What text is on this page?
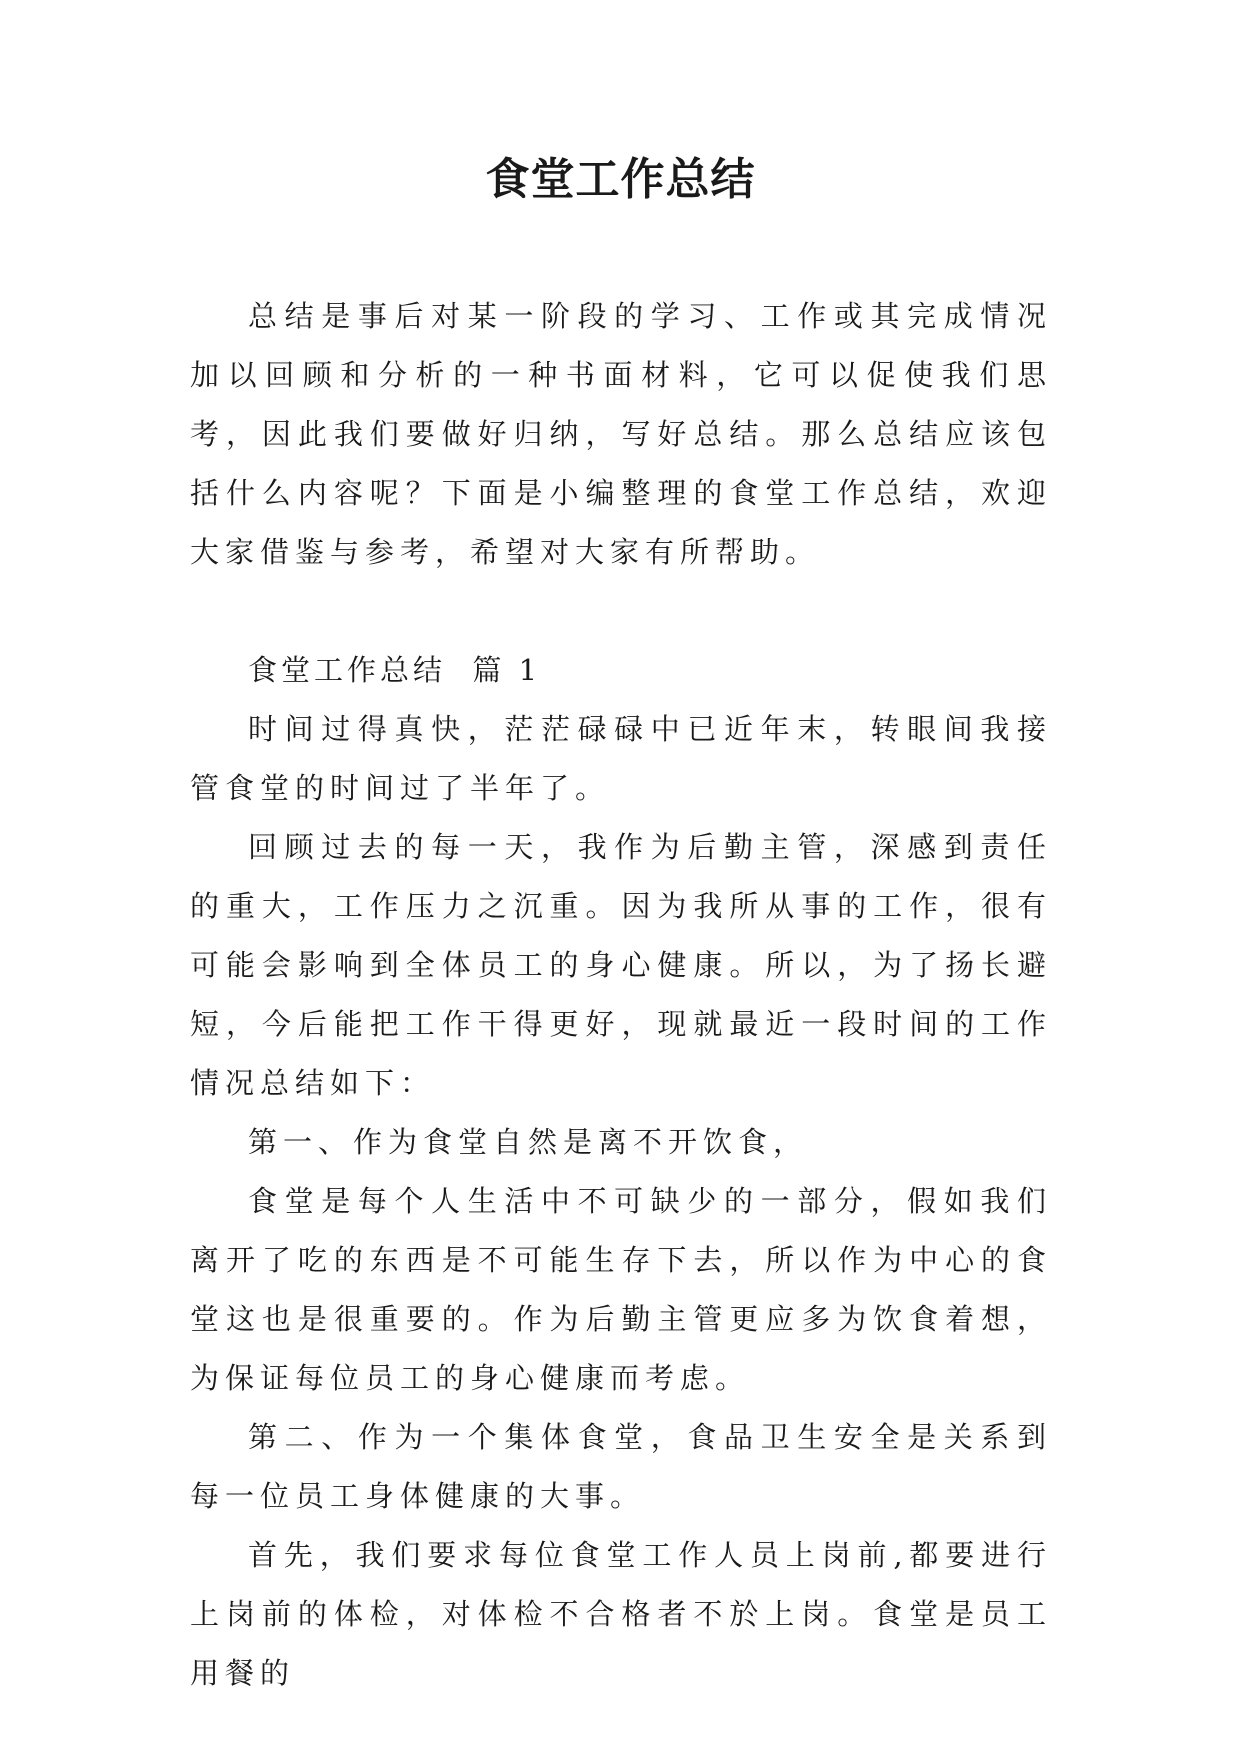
食堂工作总结

总结是事后对某一阶段的学习、工作或其完成情况加以回顾和分析的一种书面材料，它可以促使我们思考，因此我们要做好归纳，写好总结。那么总结应该包括什么内容呢？下面是小编整理的食堂工作总结，欢迎大家借鉴与参考，希望对大家有所帮助。

食堂工作总结  篇 1

时间过得真快，茫茫碌碌中已近年末，转眼间我接管食堂的时间过了半年了。

回顾过去的每一天，我作为后勤主管，深感到责任的重大，工作压力之沉重。因为我所从事的工作，很有可能会影响到全体员工的身心健康。所以，为了扬长避短，今后能把工作干得更好，现就最近一段时间的工作情况总结如下：

第一、作为食堂自然是离不开饮食，

食堂是每个人生活中不可缺少的一部分，假如我们离开了吃的东西是不可能生存下去，所以作为中心的食堂这也是很重要的。作为后勤主管更应多为饮食着想，为保证每位员工的身心健康而考虑。

第二、作为一个集体食堂，食品卫生安全是关系到每一位员工身体健康的大事。

首先，我们要求每位食堂工作人员上岗前,都要进行上岗前的体检，对体检不合格者不於上岗。食堂是员工用餐的
